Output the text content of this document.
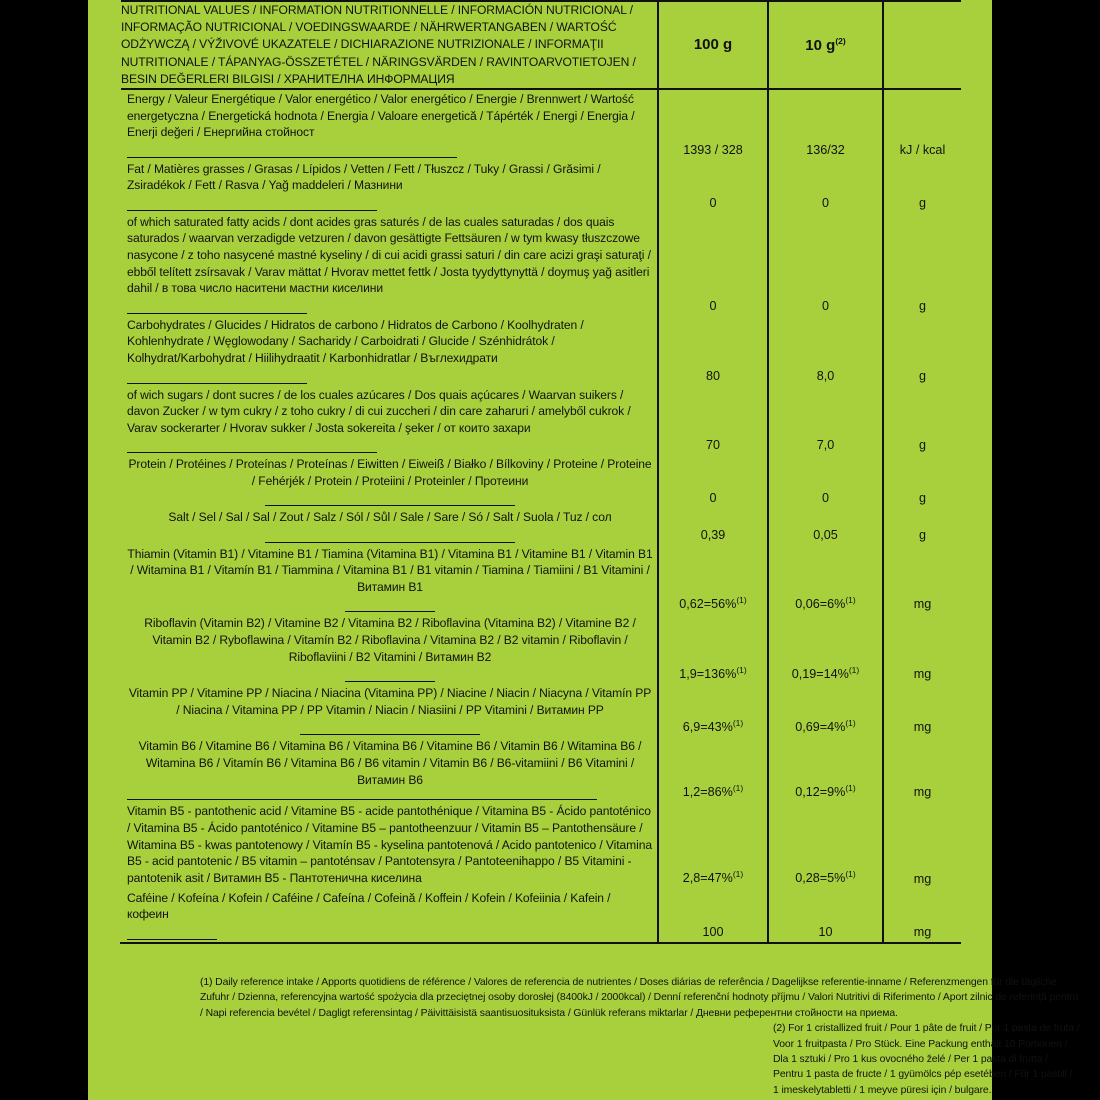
NUTRITIONAL VALUES / INFORMATION NUTRITIONNELLE / INFORMACIÓN NUTRICIONAL / INFORMAÇÃO NUTRICIONAL / VOEDINGSWAARDE / NÄHRWERTANGABEN / WARTOŚĆ ODŻYWCZĄ / VÝŽIVOVÉ UKAZATELE / DICHIARAZIONE NUTRIZIONALE / INFORMAŢII NUTRITIONALE / TÁPANYAG-ÖSSZETÉTEL / NÄRINGSVÄRDEN / RAVINTOARVOTIETOJEN / BESIN DEĞERLERI BILGISI / ХРАНИТЕЛНА ИНФОРМАЦИЯ	100 g	10 $g^{(2)}$	

Energy / Valeur Energétique / Valor energético / Valor energético / Energie / Brennwert / Wartość energetyczna / Energetická hodnota / Energia / Valoare energetică / Tápérték / Energi / Energia / Enerji değeri / Енергийна стойност	1393 / 328	136/32	kJ / kcal

Fat / Matières grasses / Grasas / Lípidos / Vetten / Fett / Tłuszcz / Tuky / Grassi / Grăsimi / Zsiradékok / Fett / Rasva / Yağ maddeleri / Мазнини	0	0	g

of which saturated fatty acids / dont acides gras saturés / de las cuales saturadas / dos quais saturados / waarvan verzadigde vetzuren / davon gesättigte Fettsäuren / w tym kwasy tłuszczowe nasycone / z toho nasycené mastné kyseliny / di cui acidi grassi saturi / din care acizi graşi saturaţi / ebből telített zsírsavak / Varav mättat / Hvorav mettet fettk / Josta tyydyttynyttä / doymuş yağ asitleri dahil / в това число наситени мастни киселини	0	0	g

Carbohydrates / Glucides / Hidratos de carbono / Hidratos de Carbono / Koolhydraten / Kohlenhydrate / Węglowodany / Sacharidy / Carboidrati / Glucide / Szénhidrátok / Kolhydrat/Karbohydrat / Hiilihydraatit / Karbonhidratlar / Въглехидрати	80	8,0	g

of wich sugars / dont sucres / de los cuales azúcares / Dos quais açúcares / Waarvan suikers / davon Zucker / w tym cukry / z toho cukry / di cui zuccheri / din care zaharuri / amelyből cukrok / Varav sockerarter / Hvorav sukker / Josta sokereita / şeker / от които захари	70	7,0	g

Protein / Protéines / Proteínas / Proteínas / Eiwitten / Eiweiß / Białko / Bílkoviny / Proteine / Proteine / Fehérjék / Protein / Proteiini / Proteinler / Протеини	0	0	g

Salt / Sel / Sal / Sal / Zout / Salz / Sól / Sůl / Sale / Sare / Só / Salt / Suola / Tuz / сол	0,39	0,05	g

Thiamin (Vitamin B1) / Vitamine B1 / Tiamina (Vitamina B1) / Vitamina B1 / Vitamine B1 / Vitamin B1 / Witamina B1 / Vitamín B1 / Tiammina / Vitamina B1 / B1 vitamin / Tiamina / Tiamiini / B1 Vitamini / Витамин B1	0,62=56%$^{(1)}$	0,06=6%$^{(1)}$	mg

Riboflavin (Vitamin B2) / Vitamine B2 / Vitamina B2 / Riboflavina (Vitamina B2) / Vitamine B2 / Vitamin B2 / Ryboflawina / Vitamín B2 / Riboflavina / Vitamina B2 / B2 vitamin / Riboflavin / Riboflaviini / B2 Vitamini / Витамин B2	1,9=136%$^{(1)}$	0,19=14%$^{(1)}$	mg

Vitamin PP / Vitamine PP / Niacina / Niacina (Vitamina PP) / Niacine / Niacin / Niacyna / Vitamín PP / Niacina / Vitamina PP / PP Vitamin / Niacin / Niasiini / PP Vitamini / Витамин PP	6,9=43%$^{(1)}$	0,69=4%$^{(1)}$	mg

Vitamin B6 / Vitamine B6 / Vitamina B6 / Vitamina B6 / Vitamine B6 / Vitamin B6 / Witamina B6 / Witamina B6 / Vitamín B6 / Vitamina B6 / B6 vitamin / Vitamin B6 / B6-vitamiini / B6 Vitamini / Витамин B6	1,2=86%$^{(1)}$	0,12=9%$^{(1)}$	mg

Vitamin B5 - pantothenic acid / Vitamine B5 - acide pantothénique / Vitamina B5 - Ácido pantoténico / Vitamina B5 - Ácido pantoténico / Vitamine B5 – pantotheenzuur / Vitamin B5 – Pantothensäure / Witamina B5 - kwas pantotenowy / Vitamín B5 - kyselina pantotenová / Acido pantotenico / Vitamina B5 - acid pantotenic / B5 vitamin – pantoténsav / Pantotensyra / Pantoteenihappo / B5 Vitamini - pantotenik asit / Витамин B5 - Пантотенична киселина	2,8=47%$^{(1)}$	0,28=5%$^{(1)}$	mg

Caféine / Kofeína / Kofein / Caféine / Cafeína / Cofeină / Koffein / Kofein / Kofeiinia / Kafein / кофеин	100	10	mg

(1) Daily reference intake / Apports quotidiens de référence / Valores de referencia de nutrientes / Doses diárias de referência / Dagelijkse referentie-inname / Referenzmengen für die tägliche Zufuhr / Dzienna, referencyjna wartość spożycia dla przeciętnej osoby dorosłej (8400kJ / 2000kcal) / Denní referenční hodnoty příjmu / Valori Nutritivi di Riferimento / Aport zilnic de referinţă pentru / Napi referencia bevétel / Dagligt referensintag / Päivittäisistä saantisuosituksista / Günlük referans miktarlar / Дневни референтни стойности на приема.

(2) For 1 cristallized fruit / Pour 1 pâte de fruit / Por 1 pasta de fruta / Voor 1 fruitpasta / Pro Stück. Eine Packung enthält 10 Portionen / Dla 1 sztuki / Pro 1 kus ovocného želé / Per 1 pasta di frutta / Pentru 1 pasta de fructe / 1 gyümölcs pép esetében / För 1 pastill / 1 imeskelytabletti / 1 meyve püresi için / bulgare.
